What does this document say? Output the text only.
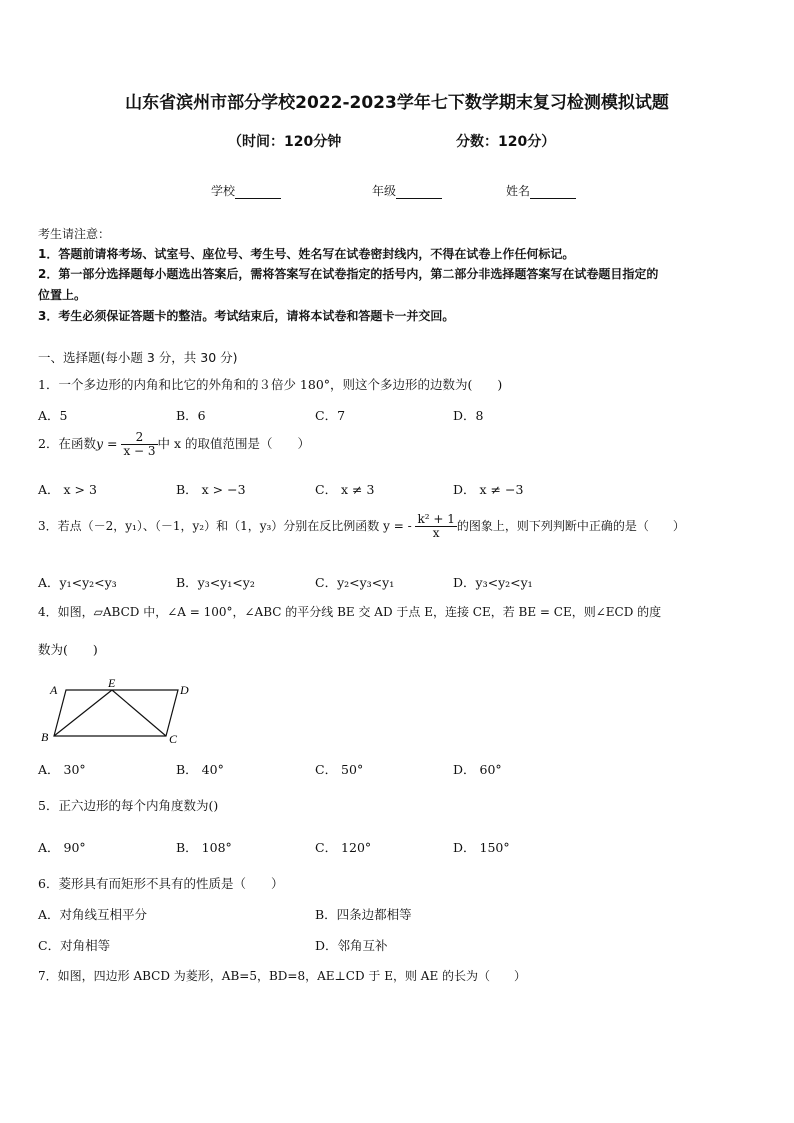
山东省滨州市部分学校2022-2023学年七下数学期末复习检测模拟试题
（时间：120分钟	分数：120分）
学校	年级	姓名
考生请注意：
1．答题前请将考场、试室号、座位号、考生号、姓名写在试卷密封线内，不得在试卷上作任何标记。
2．第一部分选择题每小题选出答案后，需将答案写在试卷指定的括号内，第二部分非选择题答案写在试卷题目指定的
位置上。
3．考生必须保证答题卡的整洁。考试结束后，请将本试卷和答题卡一并交回。
一、选择题(每小题 3 分，共 30 分)
1．一个多边形的内角和比它的外角和的３倍少 180°，则这个多边形的边数为(　　)
A．5	B．6	C．7	D．8
2．在函数$y = \frac{2}{x - 3}$ 中 x 的取值范围是（　　）
A． x > 3	B． x > −3	C． x ≠ 3	D． x ≠ −3
3．若点（－2，y₁）、（－1，y₂）和（1，y₃）分别在反比例函数 y = - $\frac{\text{k² + 1}}{x}$ 的图象上，则下列判断中正确的是（　　）
A．y₁<y₂<y₃	B．y₃<y₁<y₂	C．y₂<y₃<y₁	D．y₃<y₂<y₁
4．如图，▱ABCD 中，∠A = 100°，∠ABC 的平分线 BE 交 AD 于点 E，连接 CE，若 BE = CE，则∠ECD 的度
数为(　　)
A	E	D
B	C
A． 30°	B． 40°	C． 50°	D． 60°
5．正六边形的每个内角度数为()
A． 90°	B． 108°	C． 120°	D． 150°
6．菱形具有而矩形不具有的性质是（　　）
A．对角线互相平分	B．四条边都相等
C．对角相等	D．邻角互补
7．如图，四边形 ABCD 为菱形，AB=5，BD=8，AE⊥CD 于 E，则 AE 的长为（　　）
